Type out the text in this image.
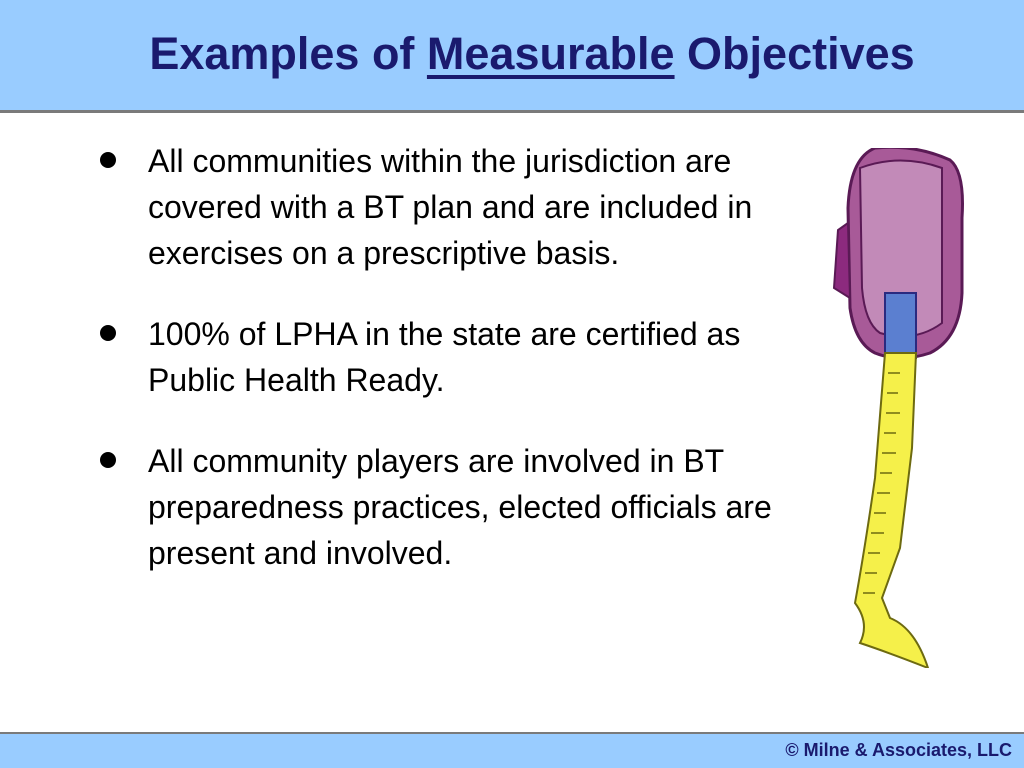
Examples of Measurable Objectives
All communities within the jurisdiction are covered with a BT plan and are included in exercises on a prescriptive basis.
100% of LPHA in the state are certified as Public Health Ready.
All community players are involved in BT preparedness practices, elected officials are present and involved.
© Milne & Associates, LLC
